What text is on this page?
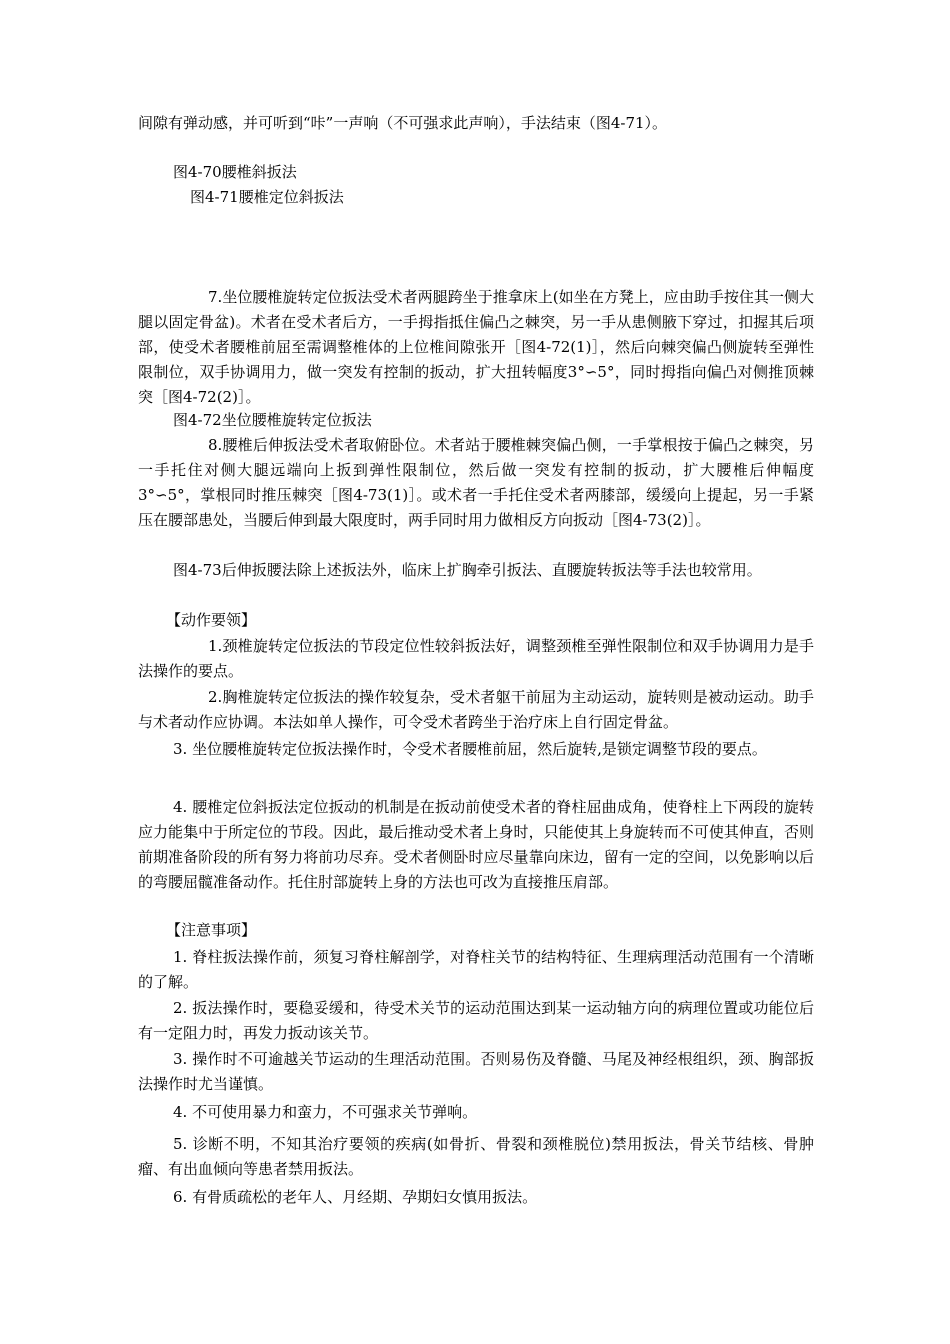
间隙有弹动感，并可听到“咔”一声响（不可强求此声响），手法结束（图4-71）。
图4-70腰椎斜扳法
图4-71腰椎定位斜扳法
7.坐位腰椎旋转定位扳法受术者两腿跨坐于推拿床上(如坐在方凳上，应由助手按住其一侧大腿以固定骨盆)。术者在受术者后方，一手拇指抵住偏凸之棘突，另一手从患侧腋下穿过，扣握其后项部，使受术者腰椎前屈至需调整椎体的上位椎间隙张开［图4-72(1)］，然后向棘突偏凸侧旋转至弹性限制位，双手协调用力，做一突发有控制的扳动，扩大扭转幅度3°∽5°，同时拇指向偏凸对侧推顶棘突［图4-72(2)］。
图4-72坐位腰椎旋转定位扳法
8.腰椎后伸扳法受术者取俯卧位。术者站于腰椎棘突偏凸侧，一手掌根按于偏凸之棘突，另一手托住对侧大腿远端向上扳到弹性限制位，然后做一突发有控制的扳动，扩大腰椎后伸幅度3°∽5°，掌根同时推压棘突［图4-73(1)］。或术者一手托住受术者两膝部，缓缓向上提起，另一手紧压在腰部患处，当腰后伸到最大限度时，两手同时用力做相反方向扳动［图4-73(2)］。
图4-73后伸扳腰法除上述扳法外，临床上扩胸牵引扳法、直腰旋转扳法等手法也较常用。
【动作要领】
1.颈椎旋转定位扳法的节段定位性较斜扳法好，调整颈椎至弹性限制位和双手协调用力是手法操作的要点。
2.胸椎旋转定位扳法的操作较复杂，受术者躯干前屈为主动运动，旋转则是被动运动。助手与术者动作应协调。本法如单人操作，可令受术者跨坐于治疗床上自行固定骨盆。
3. 坐位腰椎旋转定位扳法操作时，令受术者腰椎前屈，然后旋转,是锁定调整节段的要点。
4. 腰椎定位斜扳法定位扳动的机制是在扳动前使受术者的脊柱屈曲成角，使脊柱上下两段的旋转应力能集中于所定位的节段。因此，最后推动受术者上身时，只能使其上身旋转而不可使其伸直，否则前期准备阶段的所有努力将前功尽弃。受术者侧卧时应尽量靠向床边，留有一定的空间，以免影响以后的弯腰屈髋准备动作。托住肘部旋转上身的方法也可改为直接推压肩部。
【注意事项】
1. 脊柱扳法操作前，须复习脊柱解剖学，对脊柱关节的结构特征、生理病理活动范围有一个清晰的了解。
2. 扳法操作时，要稳妥缓和，待受术关节的运动范围达到某一运动轴方向的病理位置或功能位后有一定阻力时，再发力扳动该关节。
3. 操作时不可逾越关节运动的生理活动范围。否则易伤及脊髓、马尾及神经根组织，颈、胸部扳法操作时尤当谨慎。
4. 不可使用暴力和蛮力，不可强求关节弹响。
5. 诊断不明，不知其治疗要领的疾病(如骨折、骨裂和颈椎脱位)禁用扳法，骨关节结核、骨肿瘤、有出血倾向等患者禁用扳法。
6. 有骨质疏松的老年人、月经期、孕期妇女慎用扳法。
